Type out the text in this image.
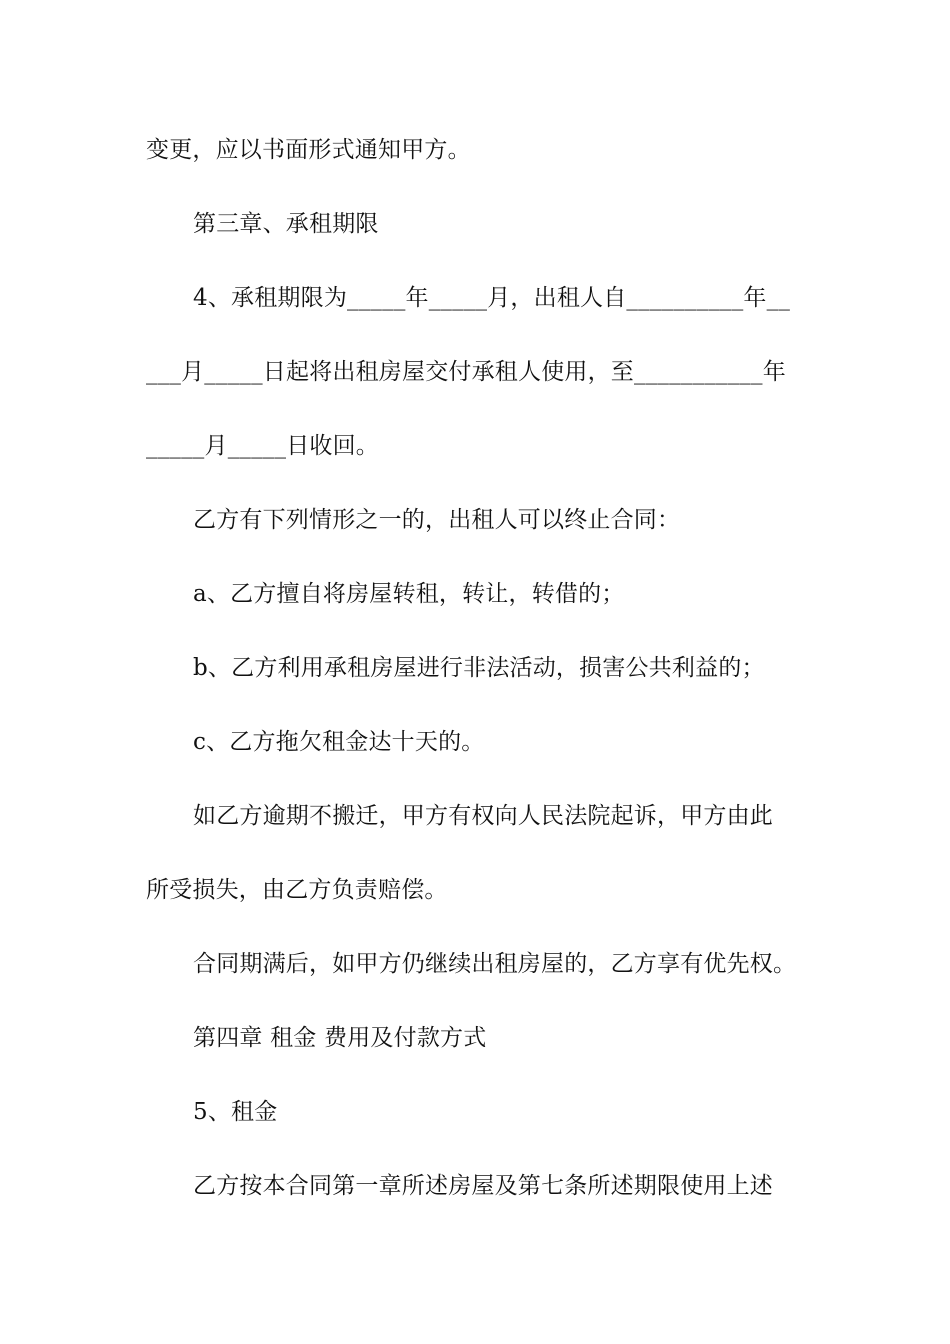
变更，应以书面形式通知甲方。
第三章、承租期限
4、承租期限为_____年_____月，出租人自__________年__
___月_____日起将出租房屋交付承租人使用，至___________年
_____月_____日收回。
乙方有下列情形之一的，出租人可以终止合同：
a、乙方擅自将房屋转租，转让，转借的；
b、乙方利用承租房屋进行非法活动，损害公共利益的；
c、乙方拖欠租金达十天的。
如乙方逾期不搬迁，甲方有权向人民法院起诉，甲方由此
所受损失，由乙方负责赔偿。
合同期满后，如甲方仍继续出租房屋的，乙方享有优先权。
第四章 租金 费用及付款方式
5、租金
乙方按本合同第一章所述房屋及第七条所述期限使用上述
